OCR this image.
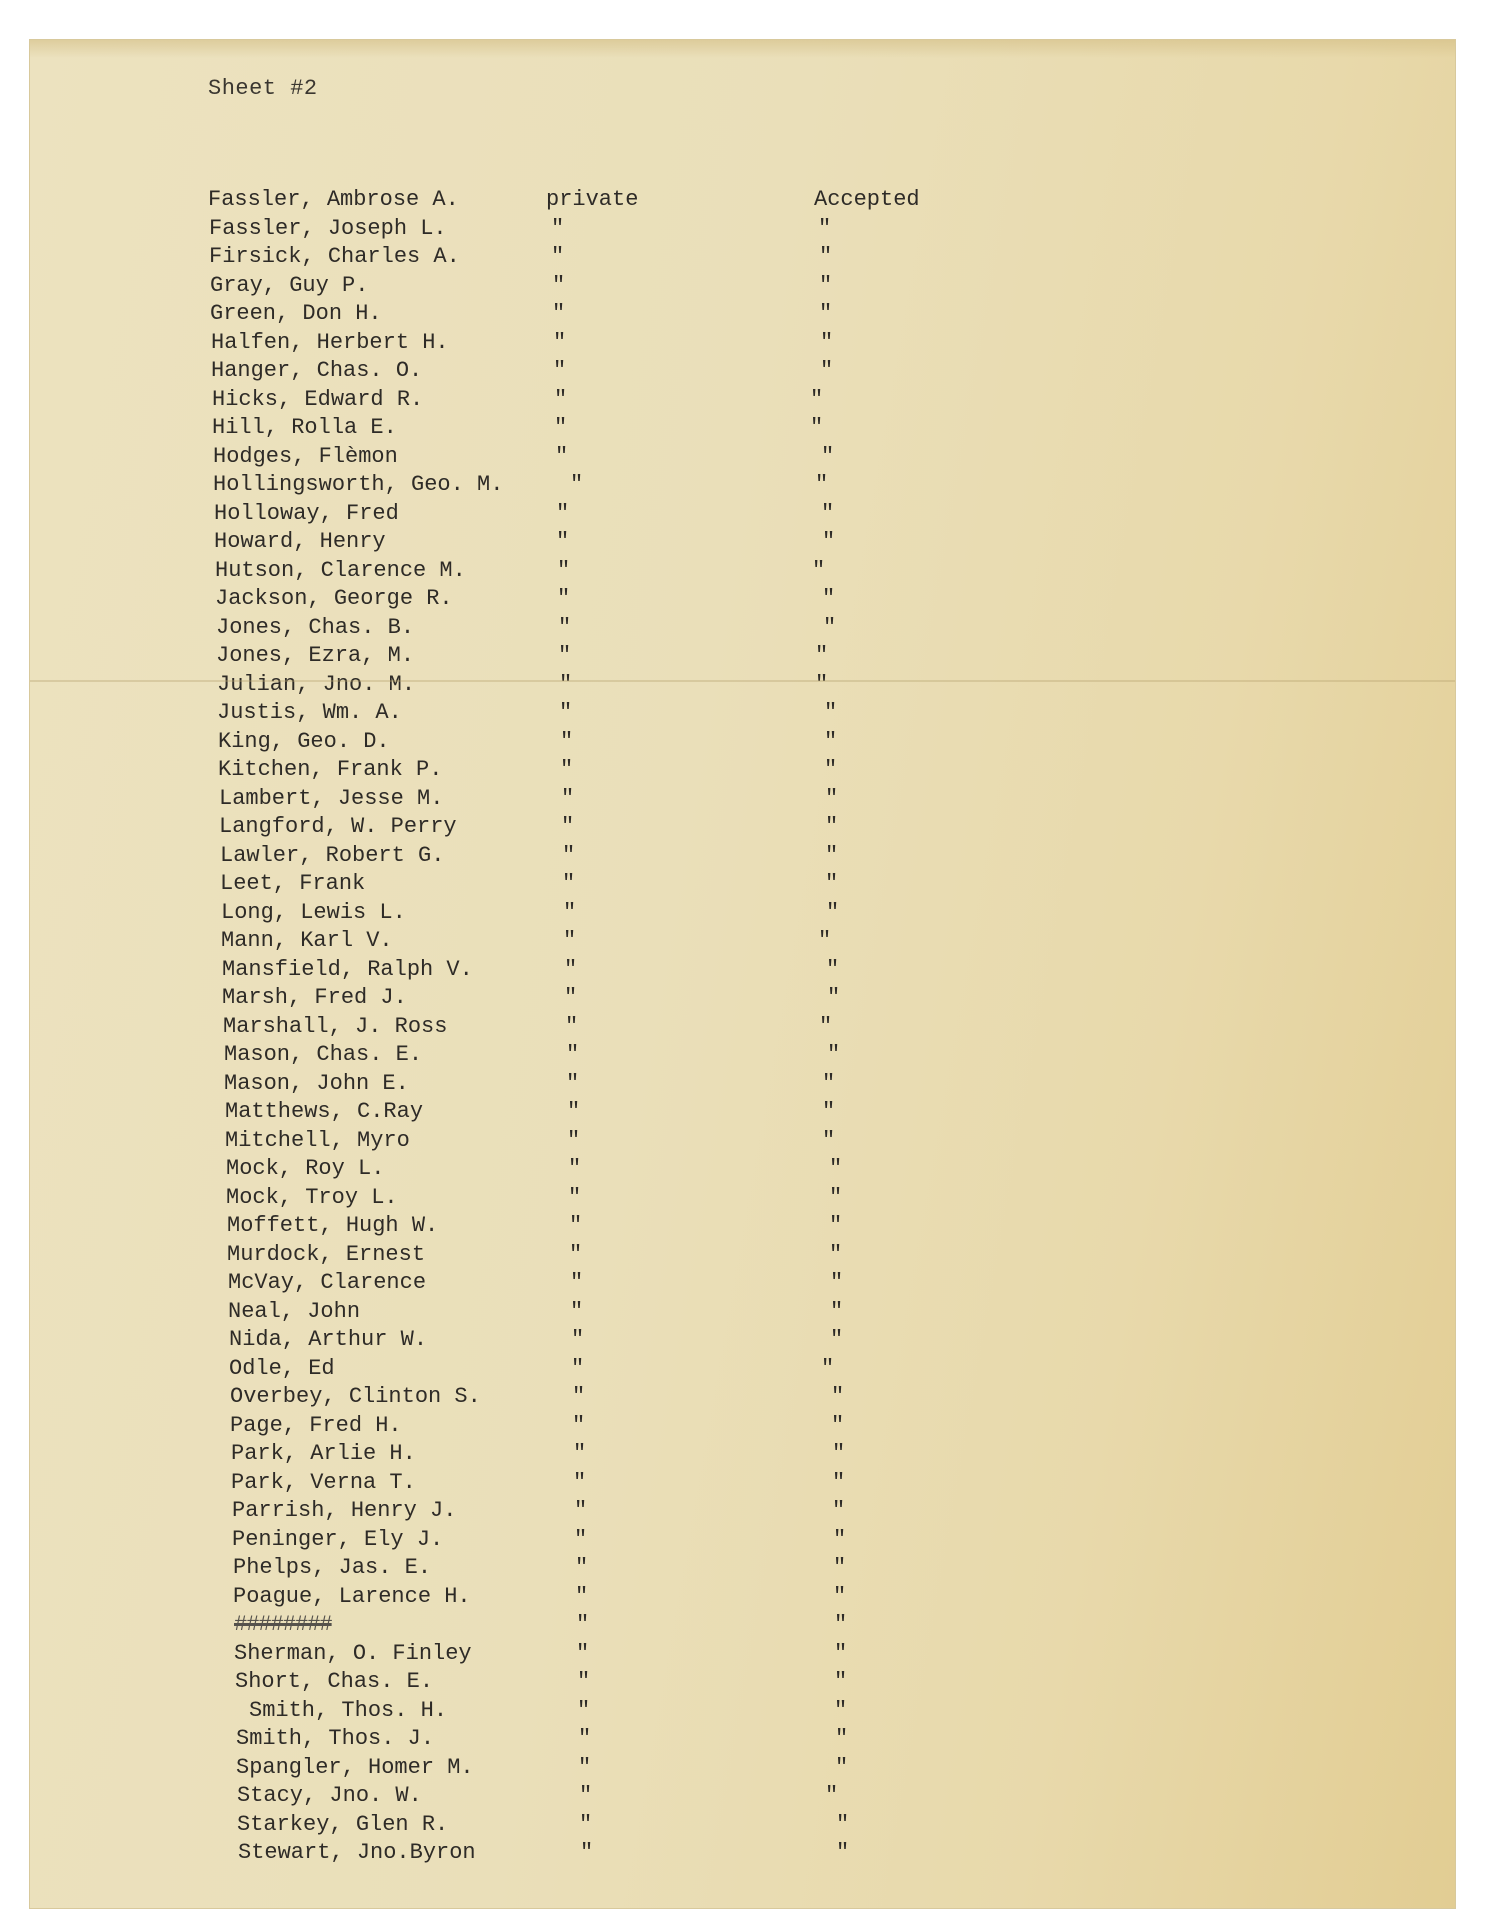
Sheet #2
Fassler, Ambrose A.	private	Accepted
Fassler, Joseph L.	"	"
Firsick, Charles A.	"	"
Gray, Guy P.	"	"
Green, Don H.	"	"
Halfen, Herbert H.	"	"
Hanger, Chas. O.	"	"
Hicks, Edward R.	"	"
Hill, Rolla E.	"	"
Hodges, Flèmon	"	"
Hollingsworth, Geo. M.	"	"
Holloway, Fred	"	"
Howard, Henry	"	"
Hutson, Clarence M.	"	"
Jackson, George R.	"	"
Jones, Chas. B.	"	"
Jones, Ezra, M.	"	"
Julian, Jno. M.	"	"
Justis, Wm. A.	"	"
King, Geo. D.	"	"
Kitchen, Frank P.	"	"
Lambert, Jesse M.	"	"
Langford, W. Perry	"	"
Lawler, Robert G.	"	"
Leet, Frank	"	"
Long, Lewis L.	"	"
Mann, Karl V.	"	"
Mansfield, Ralph V.	"	"
Marsh, Fred J.	"	"
Marshall, J. Ross	"	"
Mason, Chas. E.	"	"
Mason, John E.	"	"
Matthews, C.Ray	"	"
Mitchell, Myro	"	"
Mock, Roy L.	"	"
Mock, Troy L.	"	"
Moffett, Hugh W.	"	"
Murdock, Ernest	"	"
McVay, Clarence	"	"
Neal, John	"	"
Nida, Arthur W.	"	"
Odle, Ed	"	"
Overbey, Clinton S.	"	"
Page, Fred H.	"	"
Park, Arlie H.	"	"
Park, Verna T.	"	"
Parrish, Henry J.	"	"
Peninger, Ely J.	"	"
Phelps, Jas. E.	"	"
Poague, Larence H.	"	"
########	"	"
Sherman, O. Finley	"	"
Short, Chas. E.	"	"
Smith, Thos. H.	"	"
Smith, Thos. J.	"	"
Spangler, Homer M.	"	"
Stacy, Jno. W.	"	"
Starkey, Glen R.	"	"
Stewart, Jno.Byron	"	"
